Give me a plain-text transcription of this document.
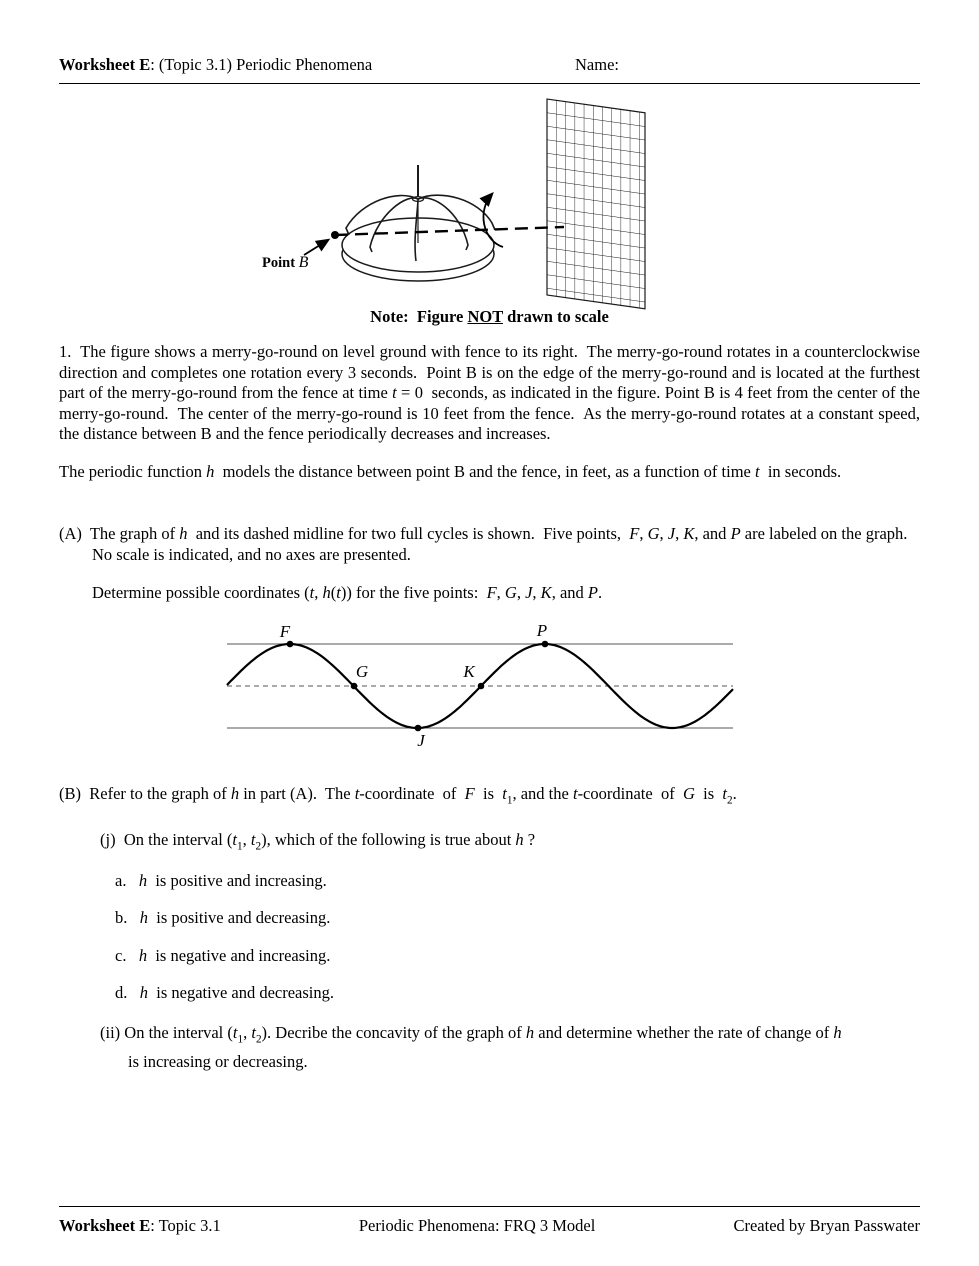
Worksheet E: (Topic 3.1) Periodic Phenomena	Name:
Point B
Note:  Figure NOT drawn to scale
1.  The figure shows a merry-go-round on level ground with fence to its right.  The merry-go-round rotates in a counterclockwise direction and completes one rotation every 3 seconds.  Point B is on the edge of the merry-go-round and is located at the furthest part of the merry-go-round from the fence at time t = 0  seconds, as indicated in the figure. Point B is 4 feet from the center of the merry-go-round.  The center of the merry-go-round is 10 feet from the fence.  As the merry-go-round rotates at a constant speed, the distance between B and the fence periodically decreases and increases.
The periodic function h  models the distance between point B and the fence, in feet, as a function of time t  in seconds.
(A)  The graph of h  and its dashed midline for two full cycles is shown.  Five points,  F, G, J, K, and P are labeled on the graph.  No scale is indicated, and no axes are presented.
Determine possible coordinates (t, h(t)) for the five points:  F, G, J, K, and P.
F
G
J
K
P
(B)  Refer to the graph of h in part (A).  The t-coordinate  of  F  is  $t_1$, and the t-coordinate  of  G  is  $t_2$.
(j)  On the interval ($t_1$, $t_2$), which of the following is true about h ?
a.   h  is positive and increasing.
b.   h  is positive and decreasing.
c.   h  is negative and increasing.
d.   h  is negative and decreasing.
(ii) On the interval ($t_1$, $t_2$). Decribe the concavity of the graph of h and determine whether the rate of change of h
is increasing or decreasing.
Worksheet E: Topic 3.1	Periodic Phenomena: FRQ 3 Model	Created by Bryan Passwater
